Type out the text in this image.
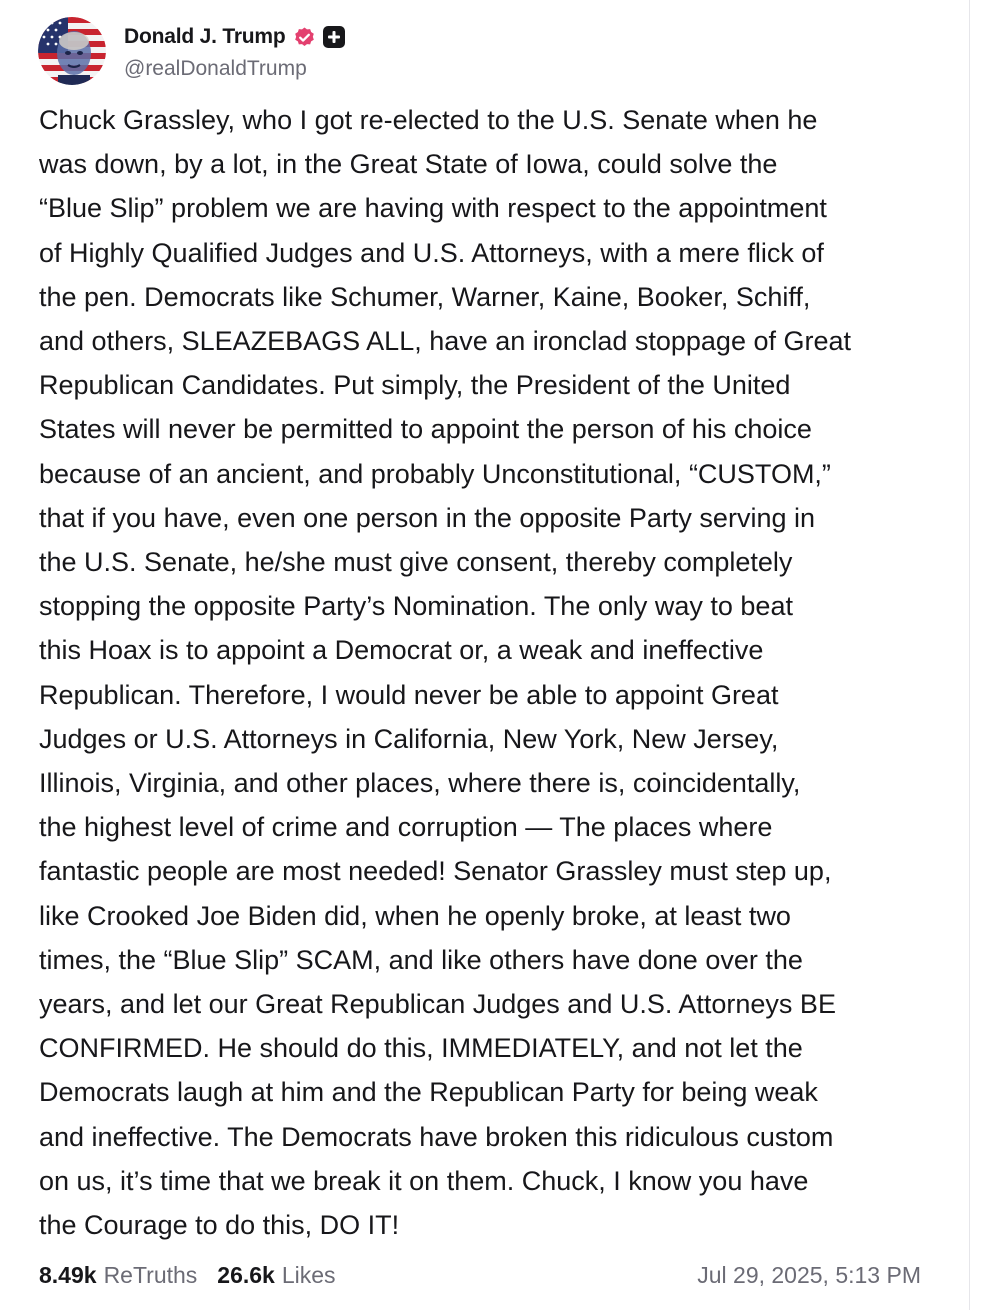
Donald J. Trump
@realDonaldTrump
Chuck Grassley, who I got re-elected to the U.S. Senate when he
was down, by a lot, in the Great State of Iowa, could solve the
“Blue Slip” problem we are having with respect to the appointment
of Highly Qualified Judges and U.S. Attorneys, with a mere flick of
the pen. Democrats like Schumer, Warner, Kaine, Booker, Schiff,
and others, SLEAZEBAGS ALL, have an ironclad stoppage of Great
Republican Candidates. Put simply, the President of the United
States will never be permitted to appoint the person of his choice
because of an ancient, and probably Unconstitutional, “CUSTOM,”
that if you have, even one person in the opposite Party serving in
the U.S. Senate, he/she must give consent, thereby completely
stopping the opposite Party’s Nomination. The only way to beat
this Hoax is to appoint a Democrat or, a weak and ineffective
Republican. Therefore, I would never be able to appoint Great
Judges or U.S. Attorneys in California, New York, New Jersey,
Illinois, Virginia, and other places, where there is, coincidentally,
the highest level of crime and corruption — The places where
fantastic people are most needed! Senator Grassley must step up,
like Crooked Joe Biden did, when he openly broke, at least two
times, the “Blue Slip” SCAM, and like others have done over the
years, and let our Great Republican Judges and U.S. Attorneys BE
CONFIRMED. He should do this, IMMEDIATELY, and not let the
Democrats laugh at him and the Republican Party for being weak
and ineffective. The Democrats have broken this ridiculous custom
on us, it’s time that we break it on them. Chuck, I know you have
the Courage to do this, DO IT!
8.49k ReTruths 26.6k Likes	Jul 29, 2025, 5:13 PM
